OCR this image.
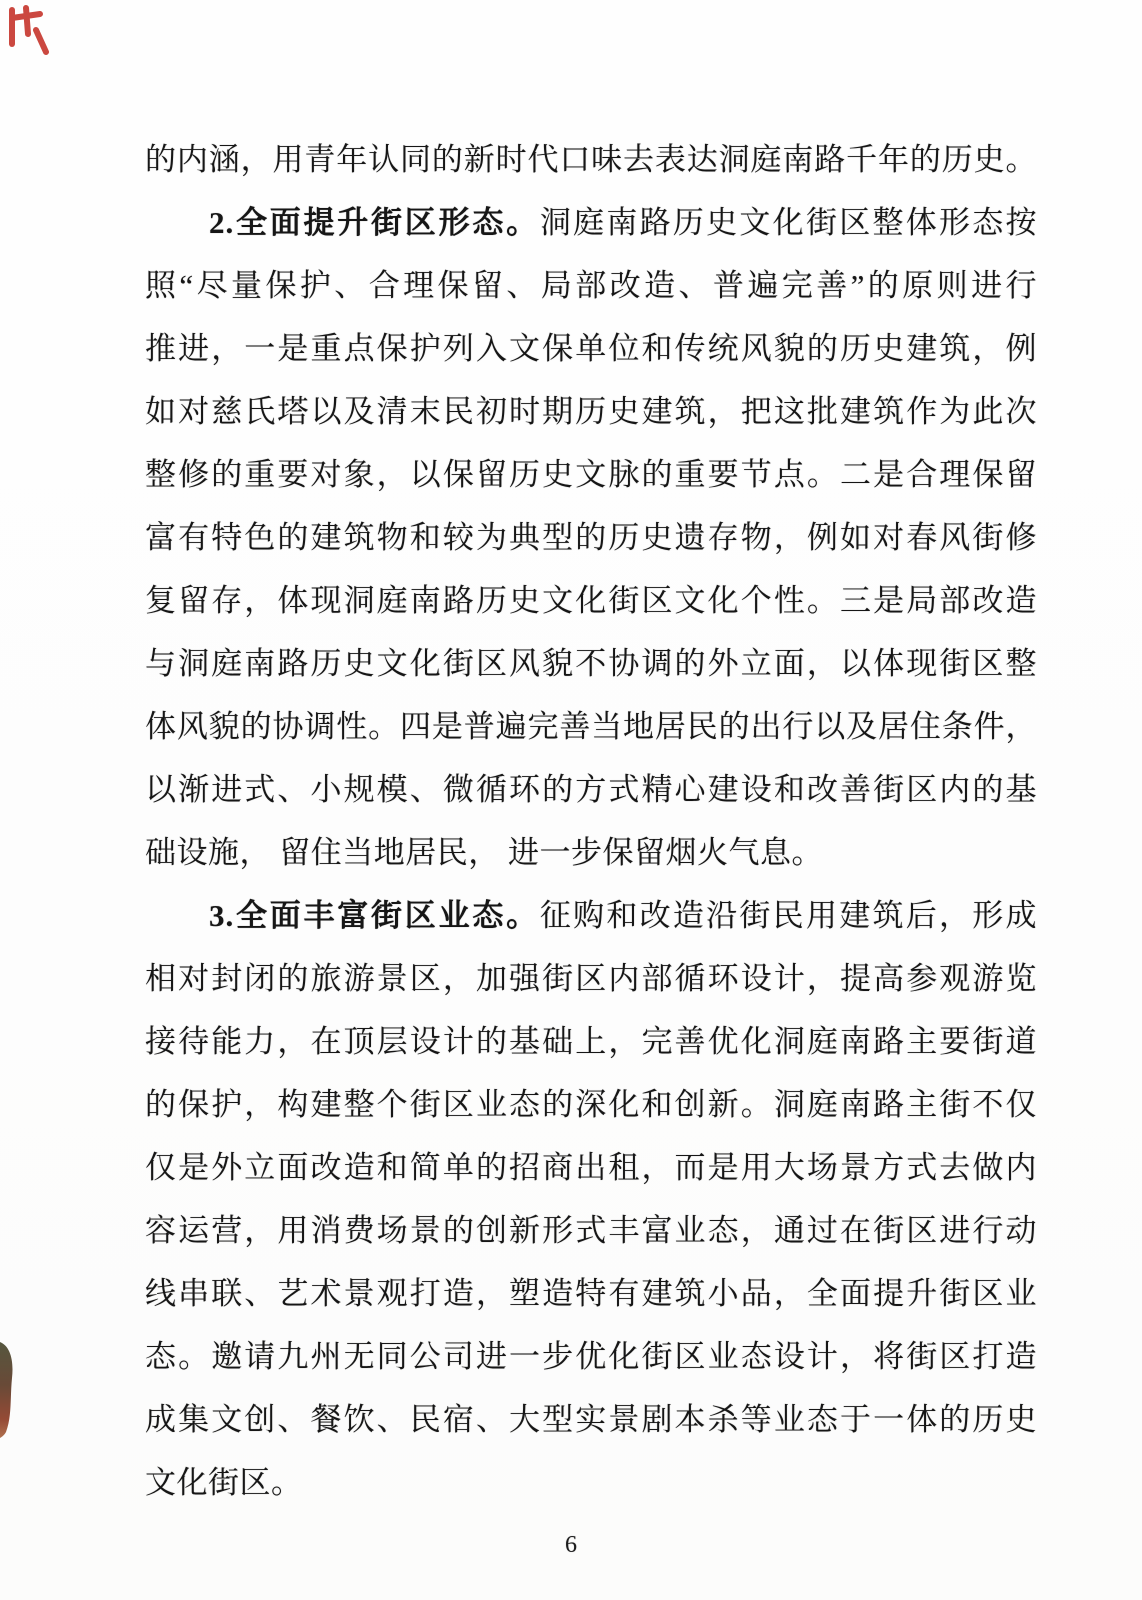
的内涵，用青年认同的新时代口味去表达洞庭南路千年的历史。
2.全面提升街区形态。洞庭南路历史文化街区整体形态按
照“尽量保护、合理保留、局部改造、普遍完善”的原则进行
推进，一是重点保护列入文保单位和传统风貌的历史建筑，例
如对慈氏塔以及清末民初时期历史建筑，把这批建筑作为此次
整修的重要对象，以保留历史文脉的重要节点。二是合理保留
富有特色的建筑物和较为典型的历史遗存物，例如对春风街修
复留存，体现洞庭南路历史文化街区文化个性。三是局部改造
与洞庭南路历史文化街区风貌不协调的外立面，以体现街区整
体风貌的协调性。四是普遍完善当地居民的出行以及居住条件，
以渐进式、小规模、微循环的方式精心建设和改善街区内的基
础设施， 留住当地居民， 进一步保留烟火气息。
3.全面丰富街区业态。征购和改造沿街民用建筑后，形成
相对封闭的旅游景区，加强街区内部循环设计，提高参观游览
接待能力，在顶层设计的基础上，完善优化洞庭南路主要街道
的保护，构建整个街区业态的深化和创新。洞庭南路主街不仅
仅是外立面改造和简单的招商出租，而是用大场景方式去做内
容运营，用消费场景的创新形式丰富业态，通过在街区进行动
线串联、艺术景观打造，塑造特有建筑小品，全面提升街区业
态。邀请九州无同公司进一步优化街区业态设计，将街区打造
成集文创、餐饮、民宿、大型实景剧本杀等业态于一体的历史
文化街区。
6
